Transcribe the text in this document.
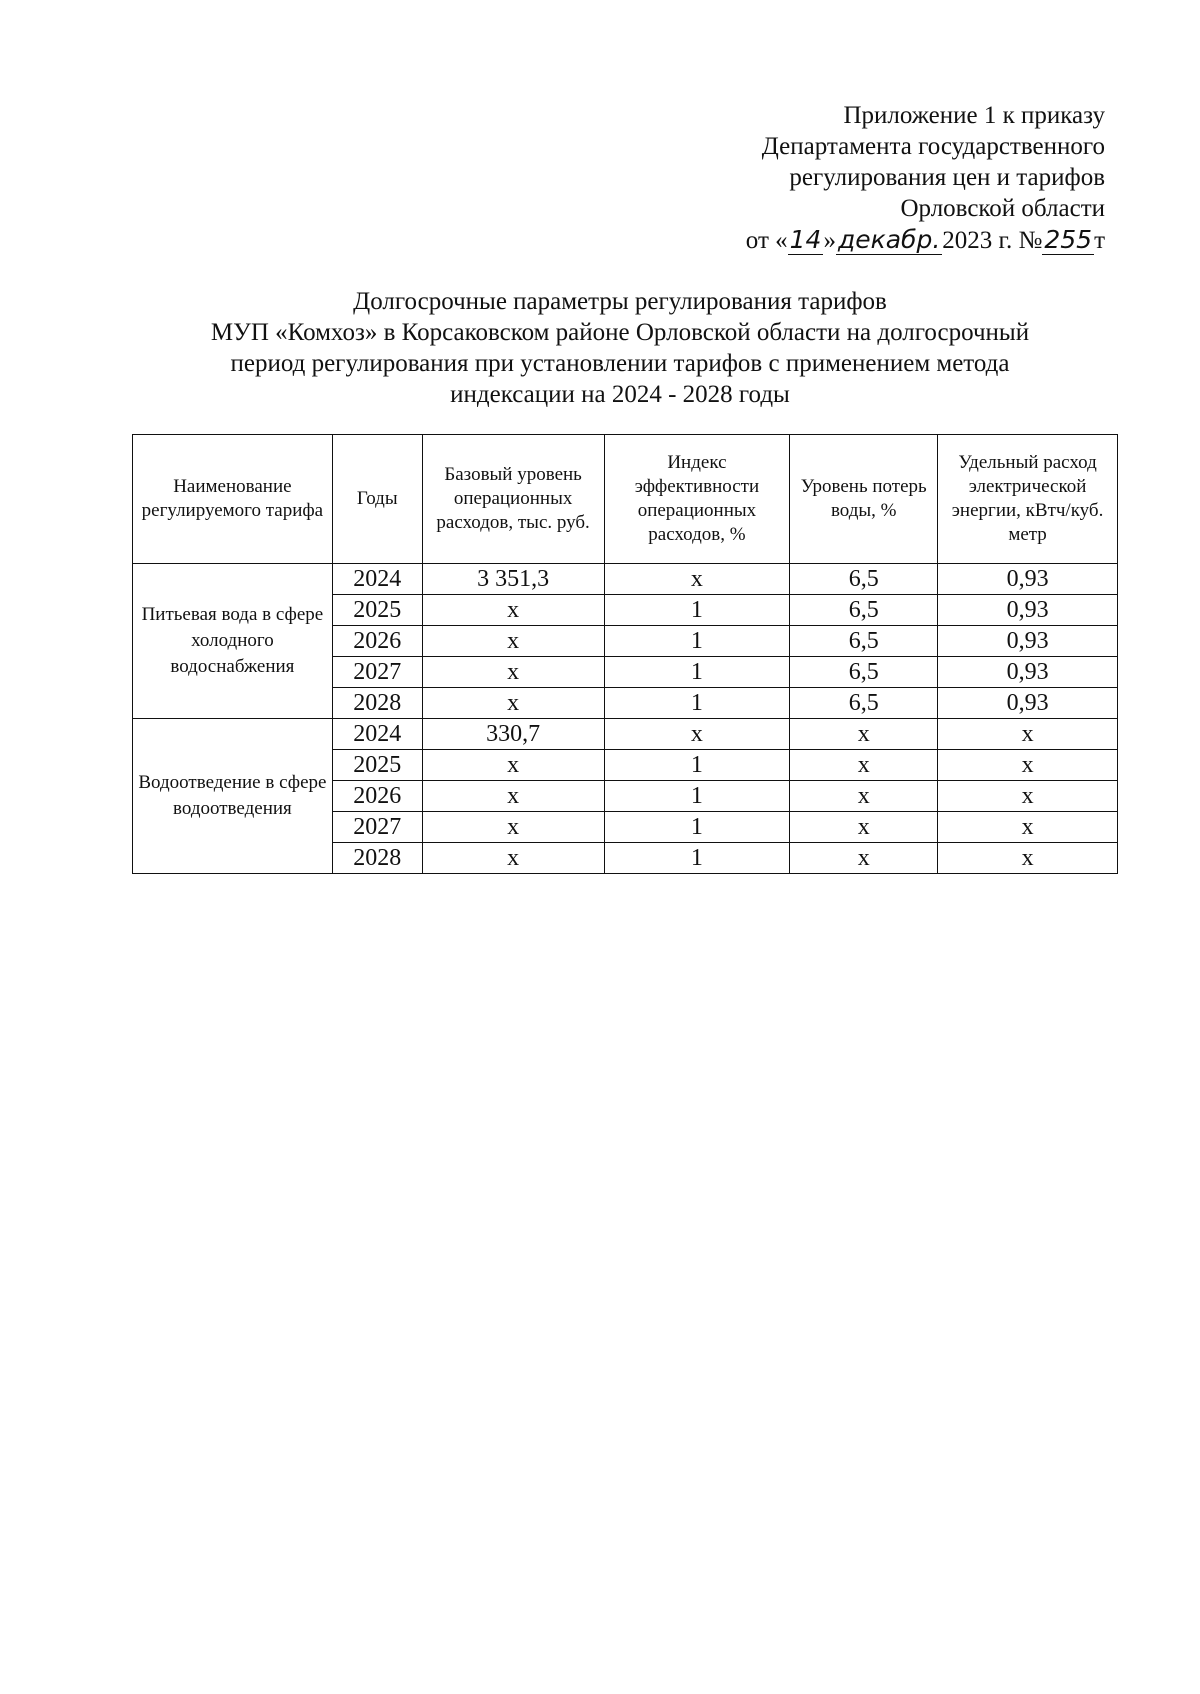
Приложение 1 к приказу
Департамента государственного
регулирования цен и тарифов
Орловской области
от «14»декабр.2023 г. №255т
Долгосрочные параметры регулирования тарифов
МУП «Комхоз» в Корсаковском районе Орловской области на долгосрочный
период регулирования при установлении тарифов с применением метода
индексации на 2024 - 2028 годы
Наименование регулируемого тарифа	Годы	Базовый уровень операционных расходов, тыс. руб.	Индекс эффективности операционных расходов, %	Уровень потерь воды, %	Удельный расход электрической энергии, кВтч/куб. метр
Питьевая вода в сфере холодного водоснабжения	2024	3 351,3	х	6,5	0,93
	2025	х	1	6,5	0,93
	2026	х	1	6,5	0,93
	2027	х	1	6,5	0,93
	2028	х	1	6,5	0,93
Водоотведение в сфере водоотведения	2024	330,7	х	х	х
	2025	х	1	х	х
	2026	х	1	х	х
	2027	х	1	х	х
	2028	х	1	х	х
